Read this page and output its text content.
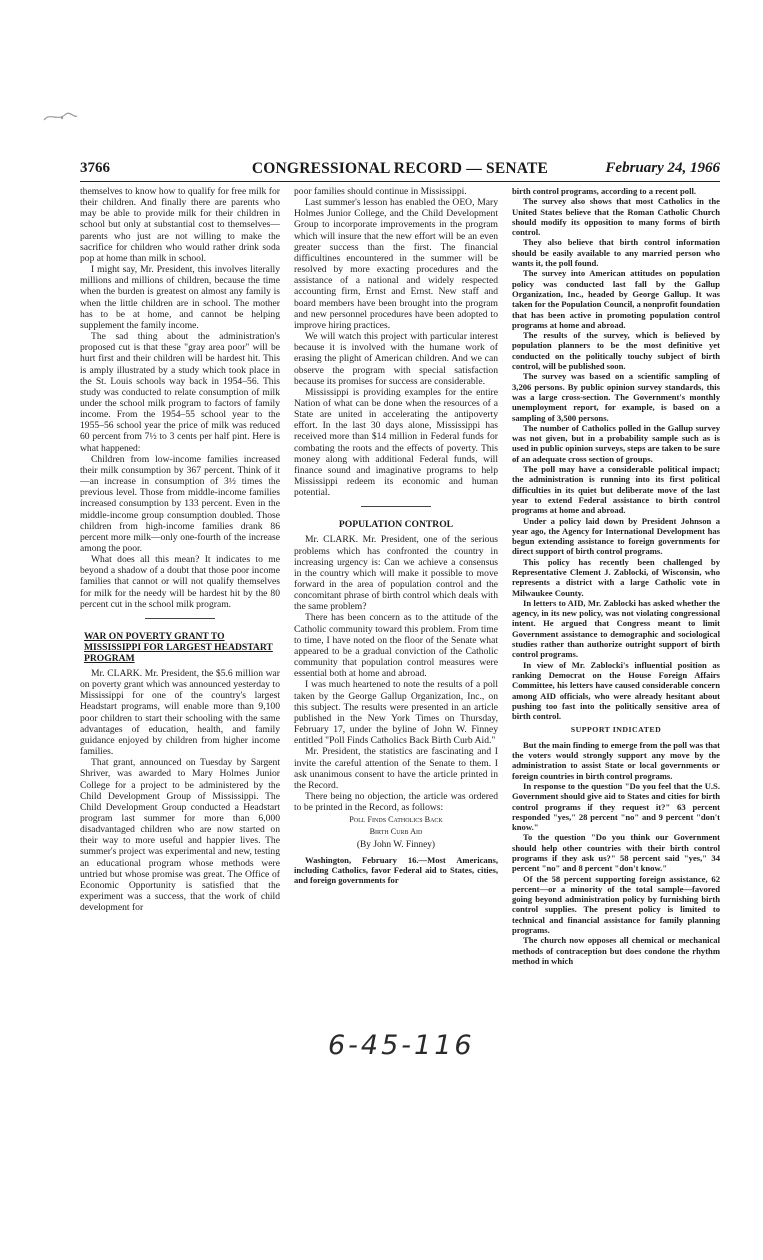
3766	CONGRESSIONAL RECORD — SENATE	February 24, 1966

themselves to know how to qualify for free milk for their children. And finally there are parents who may be able to provide milk for their children in school but only at substantial cost to themselves—parents who just are not willing to make the sacrifice for children who would rather drink soda pop at home than milk in school.

I might say, Mr. President, this involves literally millions and millions of children, because the time when the burden is greatest on almost any family is when the little children are in school. The mother has to be at home, and cannot be helping supplement the family income.

The sad thing about the administration's proposed cut is that these "gray area poor" will be hurt first and their children will be hardest hit. This is amply illustrated by a study which took place in the St. Louis schools way back in 1954–56. This study was conducted to relate consumption of milk under the school milk program to factors of family income. From the 1954–55 school year to the 1955–56 school year the price of milk was reduced 60 percent from 7½ to 3 cents per half pint. Here is what happened:

Children from low-income families increased their milk consumption by 367 percent. Think of it—an increase in consumption of 3½ times the previous level. Those from middle-income families increased consumption by 133 percent. Even in the middle-income group consumption doubled. Those children from high-income families drank 86 percent more milk—only one-fourth of the increase among the poor.

What does all this mean? It indicates to me beyond a shadow of a doubt that those poor income families that cannot or will not qualify themselves for milk for the needy will be hardest hit by the 80 percent cut in the school milk program.

WAR ON POVERTY GRANT TO MISSISSIPPI FOR LARGEST HEADSTART PROGRAM

Mr. CLARK. Mr. President, the $5.6 million war on poverty grant which was announced yesterday to Mississippi for one of the country's largest Headstart programs, will enable more than 9,100 poor children to start their schooling with the same advantages of education, health, and family guidance enjoyed by children from higher income families.

That grant, announced on Tuesday by Sargent Shriver, was awarded to Mary Holmes Junior College for a project to be administered by the Child Development Group of Mississippi. The Child Development Group conducted a Headstart program last summer for more than 6,000 disadvantaged children who are now started on their way to more useful and happier lives. The summer's project was experimental and new, testing an educational program whose methods were untried but whose promise was great. The Office of Economic Opportunity is satisfied that the experiment was a success, that the work of child development for

poor families should continue in Mississippi.

Last summer's lesson has enabled the OEO, Mary Holmes Junior College, and the Child Development Group to incorporate improvements in the program which will insure that the new effort will be an even greater success than the first. The financial difficultines encountered in the summer will be resolved by more exacting procedures and the assistance of a national and widely respected accounting firm, Ernst and Ernst. New staff and board members have been brought into the program and new personnel procedures have been adopted to improve hiring practices.

We will watch this project with particular interest because it is involved with the humane work of erasing the plight of American children. And we can observe the program with special satisfaction because its promises for success are considerable.

Mississippi is providing examples for the entire Nation of what can be done when the resources of a State are united in accelerating the antipoverty effort. In the last 30 days alone, Mississippi has received more than $14 million in Federal funds for combating the roots and the effects of poverty. This money along with additional Federal funds, will finance sound and imaginative programs to help Mississippi redeem its economic and human potential.

POPULATION CONTROL

Mr. CLARK. Mr. President, one of the serious problems which has confronted the country in increasing urgency is: Can we achieve a consensus in the country which will make it possible to move forward in the area of population control and the concomitant phrase of birth control which deals with the same problem?

There has been concern as to the attitude of the Catholic community toward this problem. From time to time, I have noted on the floor of the Senate what appeared to be a gradual conviction of the Catholic community that population control measures were essential both at home and abroad.

I was much heartened to note the results of a poll taken by the George Gallup Organization, Inc., on this subject. The results were presented in an article published in the New York Times on Thursday, February 17, under the byline of John W. Finney entitled "Poll Finds Catholics Back Birth Curb Aid."

Mr. President, the statistics are fascinating and I invite the careful attention of the Senate to them. I ask unanimous consent to have the article printed in the Record.

There being no objection, the article was ordered to be printed in the Record, as follows:

Poll Finds Catholics Back
Birth Curb Aid
(By John W. Finney)

Washington, February 16.—Most Americans, including Catholics, favor Federal aid to States, cities, and foreign governments for

birth control programs, according to a recent poll.

The survey also shows that most Catholics in the United States believe that the Roman Catholic Church should modify its opposition to many forms of birth control.

They also believe that birth control information should be easily available to any married person who wants it, the poll found.

The survey into American attitudes on population policy was conducted last fall by the Gallup Organization, Inc., headed by George Gallup. It was taken for the Population Council, a nonprofit foundation that has been active in promoting population control programs at home and abroad.

The results of the survey, which is believed by population planners to be the most definitive yet conducted on the politically touchy subject of birth control, will be published soon.

The survey was based on a scientific sampling of 3,206 persons. By public opinion survey standards, this was a large cross-section. The Government's monthly unemployment report, for example, is based on a sampling of 3,500 persons.

The number of Catholics polled in the Gallup survey was not given, but in a probability sample such as is used in public opinion surveys, steps are taken to be sure of an adequate cross section of groups.

The poll may have a considerable political impact; the administration is running into its first political difficulties in its quiet but deliberate move of the last year to extend Federal assistance to birth control programs at home and abroad.

Under a policy laid down by President Johnson a year ago, the Agency for International Development has begun extending assistance to foreign governments for direct support of birth control programs.

This policy has recently been challenged by Representative Clement J. Zablocki, of Wisconsin, who represents a district with a large Catholic vote in Milwaukee County.

In letters to AID, Mr. Zablocki has asked whether the agency, in its new policy, was not violating congressional intent. He argued that Congress meant to limit Government assistance to demographic and sociological studies rather than authorize outright support of birth control programs.

In view of Mr. Zablocki's influential position as ranking Democrat on the House Foreign Affairs Committee, his letters have caused considerable concern among AID officials, who were already hesitant about pushing too fast into the politically sensitive area of birth control.

SUPPORT INDICATED

But the main finding to emerge from the poll was that the voters would strongly support any move by the administration to assist State or local governments or foreign countries in birth control programs.

In response to the question "Do you feel that the U.S. Government should give aid to States and cities for birth control programs if they request it?" 63 percent responded "yes," 28 percent "no" and 9 percent "don't know."

To the question "Do you think our Government should help other countries with their birth control programs if they ask us?" 58 percent said "yes," 34 percent "no" and 8 percent "don't know."

Of the 58 percent supporting foreign assistance, 62 percent—or a minority of the total sample—favored going beyond administration policy by furnishing birth control supplies. The present policy is limited to technical and financial assistance for family planning programs.

The church now opposes all chemical or mechanical methods of contraception but does condone the rhythm method in which

6-45-116
